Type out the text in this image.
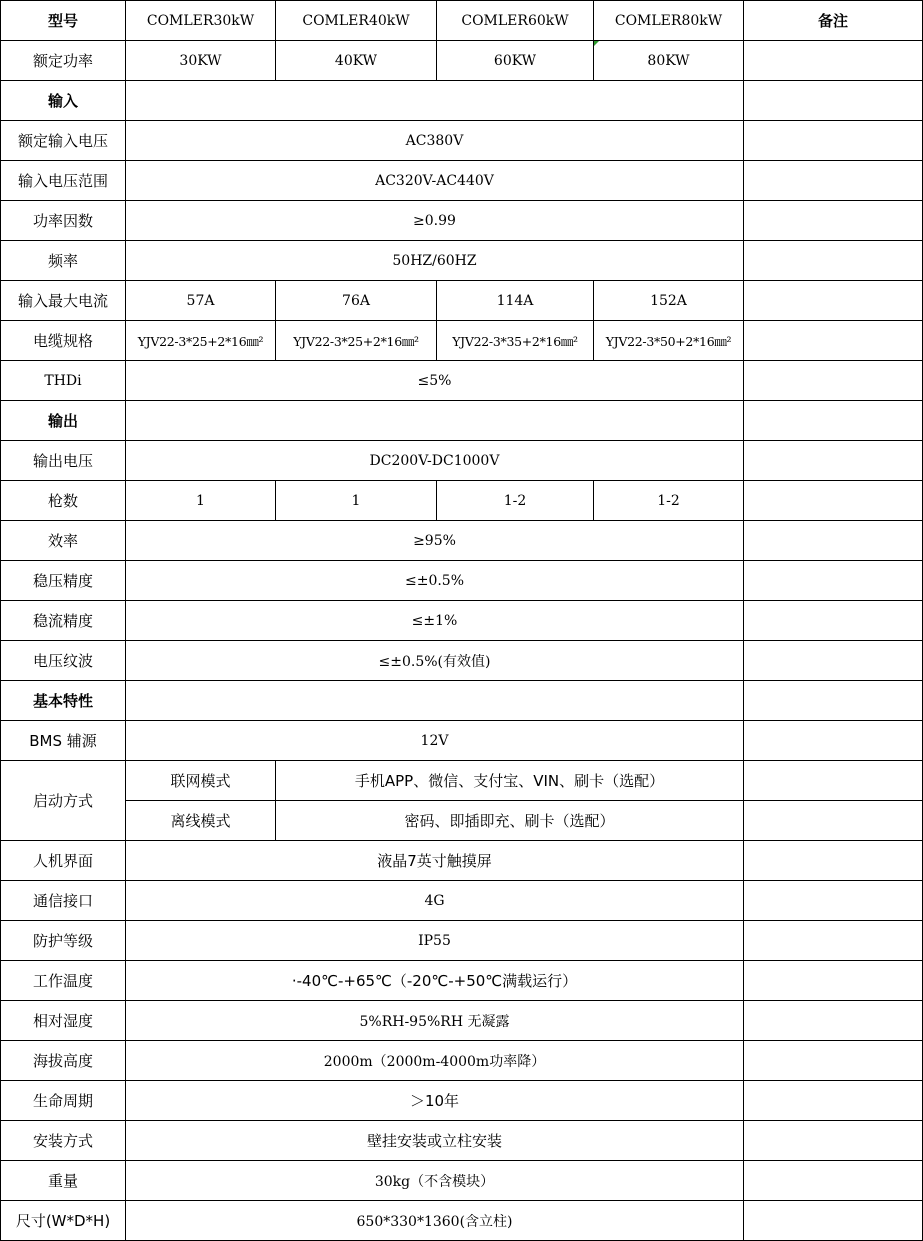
型号	COMLER30kW	COMLER40kW	COMLER60kW	COMLER80kW	备注
额定功率	30KW	40KW	60KW	80KW	
输入					
额定输入电压	AC380V				
输入电压范围	AC320V-AC440V				
功率因数	≥0.99				
频率	50HZ/60HZ				
输入最大电流	57A	76A	114A	152A	
电缆规格	YJV22-3*25+2*16㎜²	YJV22-3*25+2*16㎜²	YJV22-3*35+2*16㎜²	YJV22-3*50+2*16㎜²	
THDi	≤5%				
输出					
输出电压	DC200V-DC1000V				
枪数	1	1	1-2	1-2	
效率	≥95%				
稳压精度	≤±0.5%				
稳流精度	≤±1%				
电压纹波	≤±0.5%(有效值)				
基本特性					
BMS 辅源	12V				
启动方式	联网模式	手机APP、微信、支付宝、VIN、刷卡（选配）			
	离线模式	密码、即插即充、刷卡（选配）			
人机界面	液晶7英寸触摸屏				
通信接口	4G				
防护等级	IP55				
工作温度	·-40℃-+65℃（-20℃-+50℃满载运行）				
相对湿度	5%RH-95%RH 无凝露				
海拔高度	2000m（2000m-4000m功率降）				
生命周期	＞10年				
安装方式	壁挂安装或立柱安装				
重量	30kg（不含模块）				
尺寸(W*D*H)	650*330*1360(含立柱)				
